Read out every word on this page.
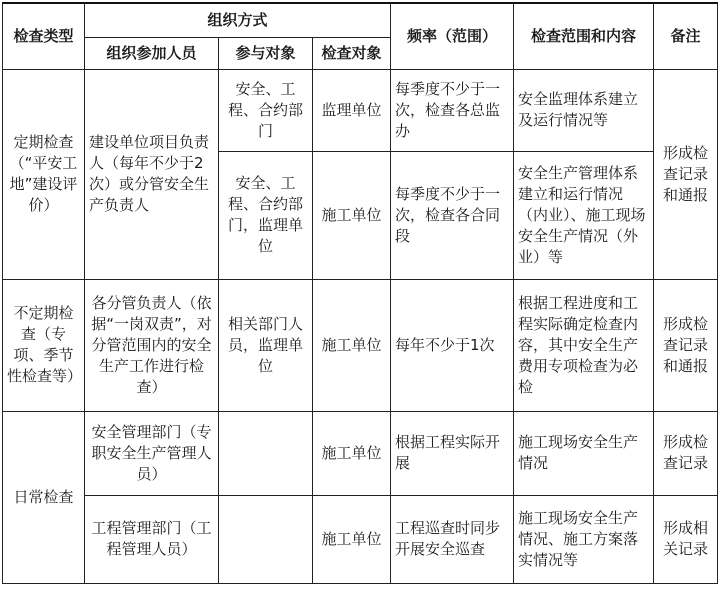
检查类型	组织方式			频率（范围）	检查范围和内容	备注
	组织参加人员	参与对象	检查对象			
定期检查（“平安工地”建设评价）	建设单位项目负责人（每年不少于2次）或分管安全生产负责人	安全、工程、合约部门	监理单位	每季度不少于一次，检查各总监办	安全监理体系建立及运行情况等	形成检查记录和通报
		安全、工程、合约部门，监理单位	施工单位	每季度不少于一次，检查各合同段	安全生产管理体系建立和运行情况（内业）、施工现场安全生产情况（外业）等	
不定期检查（专项、季节性检查等）	各分管负责人（依据“一岗双责”，对分管范围内的安全生产工作进行检查）	相关部门人员，监理单位	施工单位	每年不少于1次	根据工程进度和工程实际确定检查内容，其中安全生产费用专项检查为必检	形成检查记录和通报
日常检查	安全管理部门（专职安全生产管理人员）		施工单位	根据工程实际开展	施工现场安全生产情况	形成检查记录
	工程管理部门（工程管理人员）		施工单位	工程巡查时同步开展安全巡查	施工现场安全生产情况、施工方案落实情况等	形成相关记录
